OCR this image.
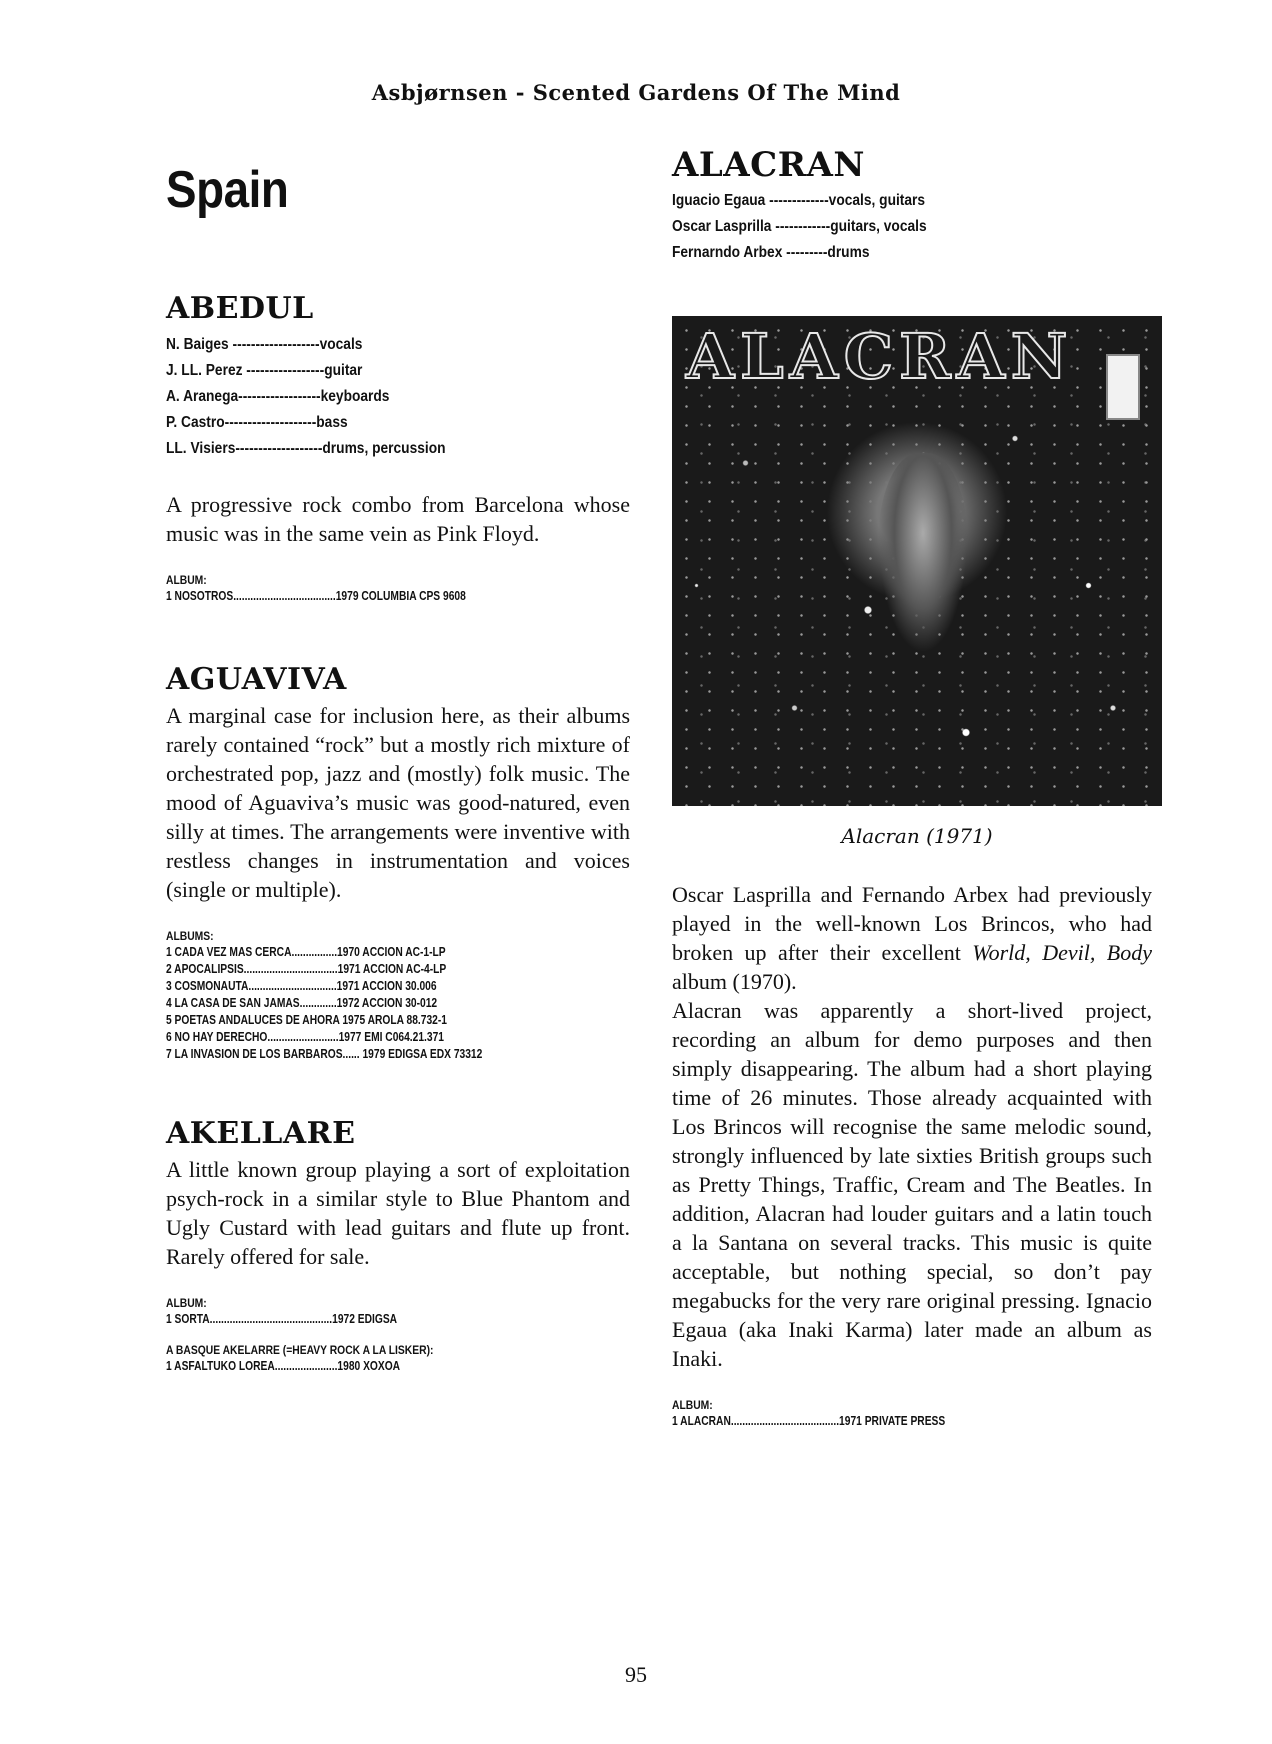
Asbjørnsen - Scented Gardens Of The Mind
Spain
ABEDUL
N. Baiges -------------------vocals
J. LL. Perez -----------------guitar
A. Aranega------------------keyboards
P. Castro--------------------bass
LL. Visiers-------------------drums, percussion

A progressive rock combo from Barcelona whose music was in the same vein as Pink Floyd.

ALBUM:
1 NOSOTROS....................................1979 COLUMBIA CPS 9608
AGUAVIVA

A marginal case for inclusion here, as their albums rarely contained “rock” but a mostly rich mixture of orchestrated pop, jazz and (mostly) folk music. The mood of Aguaviva’s music was good-natured, even silly at times. The arrangements were inventive with restless changes in instrumentation and voices (single or multiple).

ALBUMS:
1 CADA VEZ MAS CERCA................1970 ACCION AC-1-LP
2 APOCALIPSIS.................................1971 ACCION AC-4-LP
3 COSMONAUTA...............................1971 ACCION 30.006
4 LA CASA DE SAN JAMAS.............1972 ACCION 30-012
5 POETAS ANDALUCES DE AHORA 1975 AROLA 88.732-1
6 NO HAY DERECHO.........................1977 EMI C064.21.371
7 LA INVASION DE LOS BARBAROS...... 1979 EDIGSA EDX 73312
AKELLARE

A little known group playing a sort of exploitation psych-rock in a similar style to Blue Phantom and Ugly Custard with lead guitars and flute up front. Rarely offered for sale.

ALBUM:
1 SORTA...........................................1972 EDIGSA
A BASQUE AKELARRE (=HEAVY ROCK A LA LISKER):
1 ASFALTUKO LOREA......................1980 XOXOA
ALACRAN
Iguacio Egaua -------------vocals, guitars
Oscar Lasprilla ------------guitars, vocals
Fernarndo Arbex ---------drums
ALACRAN
Alacran (1971)

Oscar Lasprilla and Fernando Arbex had previously played in the well-known Los Brincos, who had broken up after their excellent World, Devil, Body album (1970).

Alacran was apparently a short-lived project, recording an album for demo purposes and then simply disappearing. The album had a short playing time of 26 minutes. Those already acquainted with Los Brincos will recognise the same melodic sound, strongly influenced by late sixties British groups such as Pretty Things, Traffic, Cream and The Beatles. In addition, Alacran had louder guitars and a latin touch a la Santana on several tracks. This music is quite acceptable, but nothing special, so don’t pay megabucks for the very rare original pressing. Ignacio Egaua (aka Inaki Karma) later made an album as Inaki.

ALBUM:
1 ALACRAN......................................1971 PRIVATE PRESS
95
